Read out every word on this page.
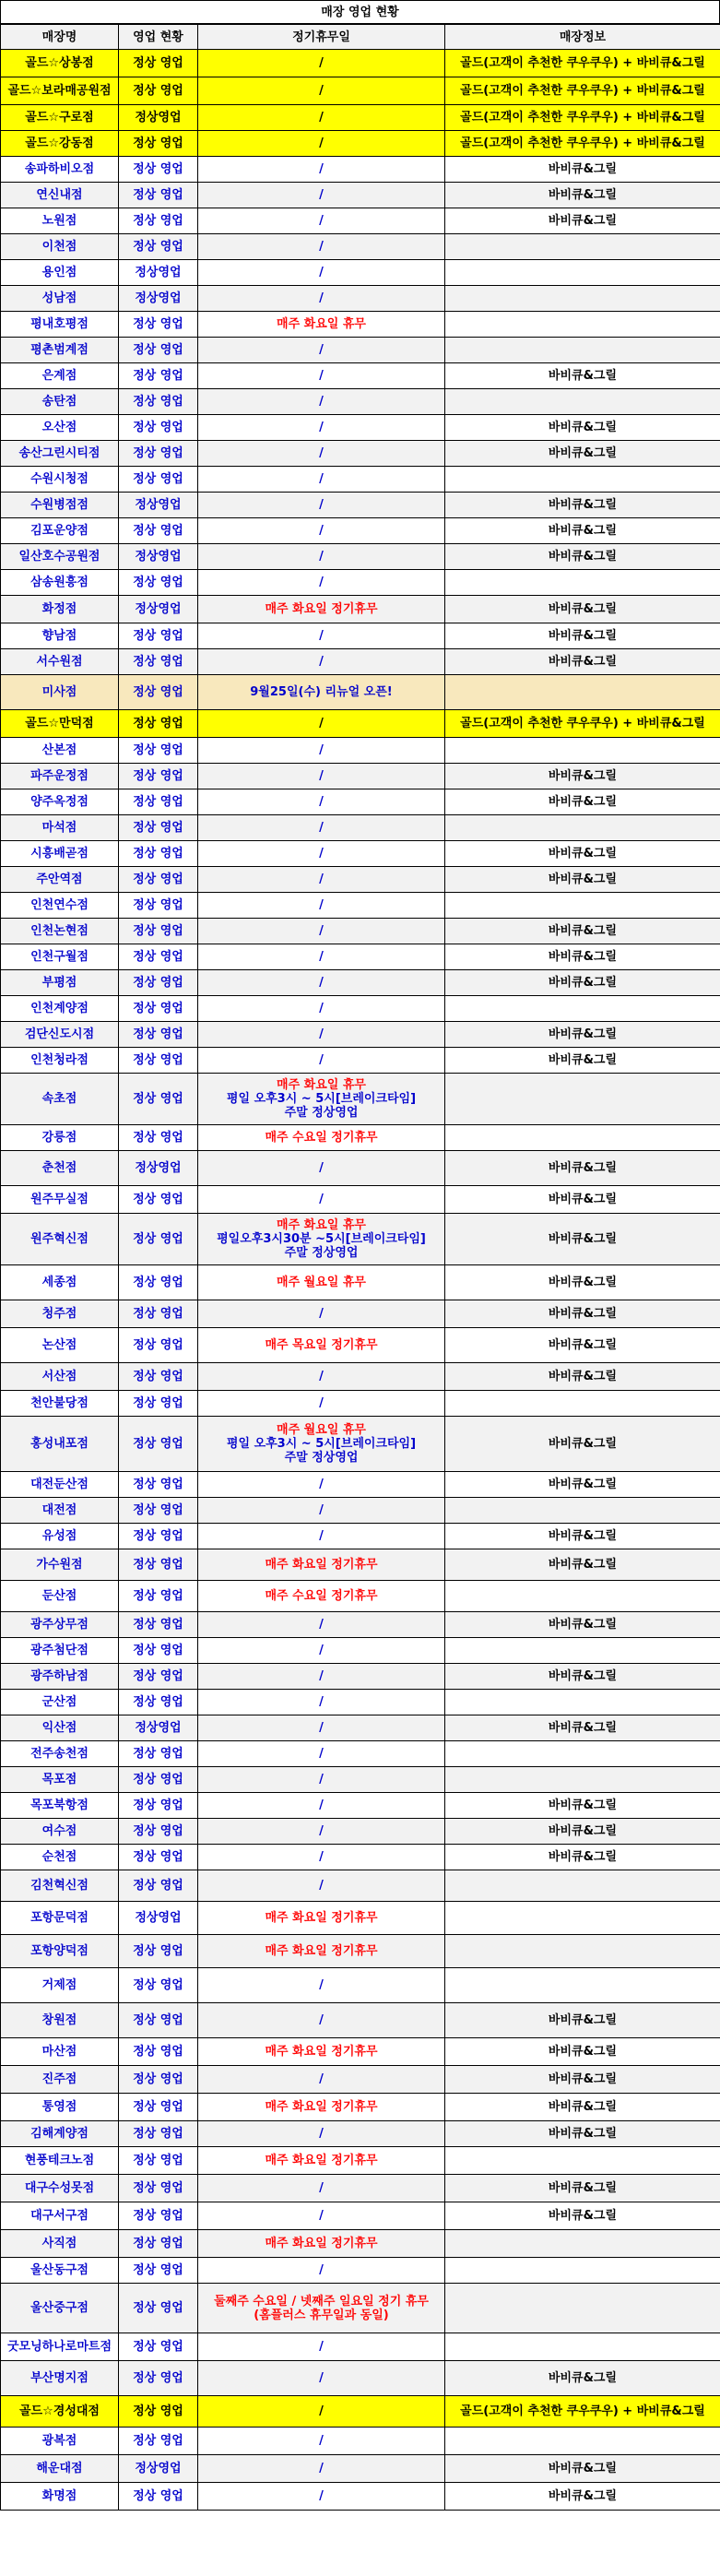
매장 영업 현황
매장명	영업 현황	정기휴무일	매장정보
골드☆상봉점	정상 영업	/	골드(고객이 추천한 쿠우쿠우) + 바비큐&그릴
골드☆보라매공원점	정상 영업	/	골드(고객이 추천한 쿠우쿠우) + 바비큐&그릴
골드☆구로점	정상영업	/	골드(고객이 추천한 쿠우쿠우) + 바비큐&그릴
골드☆강동점	정상 영업	/	골드(고객이 추천한 쿠우쿠우) + 바비큐&그릴
송파하비오점	정상 영업	/	바비큐&그릴
연신내점	정상 영업	/	바비큐&그릴
노원점	정상 영업	/	바비큐&그릴
이천점	정상 영업	/	

용인점	정상영업	/	

성남점	정상영업	/	

평내호평점	정상 영업	매주 화요일 휴무	

평촌범계점	정상 영업	/	

은계점	정상 영업	/	바비큐&그릴
송탄점	정상 영업	/	

오산점	정상 영업	/	바비큐&그릴
송산그린시티점	정상 영업	/	바비큐&그릴
수원시청점	정상 영업	/	

수원병점점	정상영업	/	바비큐&그릴
김포운양점	정상 영업	/	바비큐&그릴
일산호수공원점	정상영업	/	바비큐&그릴
삼송원흥점	정상 영업	/	

화정점	정상영업	매주 화요일 정기휴무	바비큐&그릴
향남점	정상 영업	/	바비큐&그릴
서수원점	정상 영업	/	바비큐&그릴
미사점	정상 영업	9월25일(수) 리뉴얼 오픈!	

골드☆만덕점	정상 영업	/	골드(고객이 추천한 쿠우쿠우) + 바비큐&그릴
산본점	정상 영업	/	

파주운정점	정상 영업	/	바비큐&그릴
양주옥정점	정상 영업	/	바비큐&그릴
마석점	정상 영업	/	

시흥배곧점	정상 영업	/	바비큐&그릴
주안역점	정상 영업	/	바비큐&그릴
인천연수점	정상 영업	/	

인천논현점	정상 영업	/	바비큐&그릴
인천구월점	정상 영업	/	바비큐&그릴
부평점	정상 영업	/	바비큐&그릴
인천계양점	정상 영업	/	

검단신도시점	정상 영업	/	바비큐&그릴
인천청라점	정상 영업	/	바비큐&그릴
속초점	정상 영업	매주 화요일 휴무
평일 오후3시 ~ 5시[브레이크타임]
주말 정상영업	

강릉점	정상 영업	매주 수요일 정기휴무	

춘천점	정상영업	/	바비큐&그릴
원주무실점	정상 영업	/	바비큐&그릴
원주혁신점	정상 영업	매주 화요일 휴무
평일오후3시30분 ~5시[브레이크타임]
주말 정상영업	바비큐&그릴
세종점	정상 영업	매주 월요일 휴무	바비큐&그릴
청주점	정상 영업	/	바비큐&그릴
논산점	정상 영업	매주 목요일 정기휴무	바비큐&그릴
서산점	정상 영업	/	바비큐&그릴
천안불당점	정상 영업	/	

홍성내포점	정상 영업	매주 월요일 휴무
평일 오후3시 ~ 5시[브레이크타임]
주말 정상영업	바비큐&그릴
대전둔산점	정상 영업	/	바비큐&그릴
대전점	정상 영업	/	

유성점	정상 영업	/	바비큐&그릴
가수원점	정상 영업	매주 화요일 정기휴무	바비큐&그릴
둔산점	정상 영업	매주 수요일 정기휴무	

광주상무점	정상 영업	/	바비큐&그릴
광주첨단점	정상 영업	/	

광주하남점	정상 영업	/	바비큐&그릴
군산점	정상 영업	/	

익산점	정상영업	/	바비큐&그릴
전주송천점	정상 영업	/	

목포점	정상 영업	/	

목포북항점	정상 영업	/	바비큐&그릴
여수점	정상 영업	/	바비큐&그릴
순천점	정상 영업	/	바비큐&그릴
김천혁신점	정상 영업	/	

포항문덕점	정상영업	매주 화요일 정기휴무	

포항양덕점	정상 영업	매주 화요일 정기휴무	

거제점	정상 영업	/	

창원점	정상 영업	/	바비큐&그릴
마산점	정상 영업	매주 화요일 정기휴무	바비큐&그릴
진주점	정상 영업	/	바비큐&그릴
통영점	정상 영업	매주 화요일 정기휴무	바비큐&그릴
김해계양점	정상 영업	/	바비큐&그릴
현풍테크노점	정상 영업	매주 화요일 정기휴무	

대구수성못점	정상 영업	/	바비큐&그릴
대구서구점	정상 영업	/	바비큐&그릴
사직점	정상 영업	매주 화요일 정기휴무	

울산동구점	정상 영업	/	

울산중구점	정상 영업	둘째주 수요일 / 넷째주 일요일 정기 휴무
(홈플러스 휴무일과 동일)	

굿모닝하나로마트점	정상 영업	/	

부산명지점	정상 영업	/	바비큐&그릴
골드☆경성대점	정상 영업	/	골드(고객이 추천한 쿠우쿠우) + 바비큐&그릴
광복점	정상 영업	/	

해운대점	정상영업	/	바비큐&그릴
화명점	정상 영업	/	바비큐&그릴
